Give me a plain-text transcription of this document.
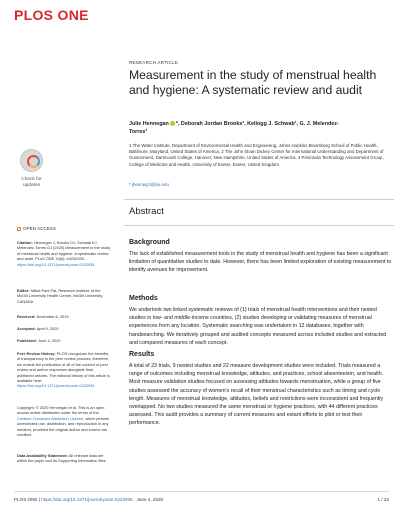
PLOS ONE
Check for updates
RESEARCH ARTICLE
Measurement in the study of menstrual health and hygiene: A systematic review and audit
Julie Hennegan *, Deborah Jordan Brooks², Kellogg J. Schwab¹, G. J. Melendez-
Torres³
1 The Water Institute, Department of Environmental Health and Engineering, Johns Hopkins Bloomberg School of Public Health, Baltimore, Maryland, United States of America, 2 The John Sloan Dickey Center for International Understanding and Department of Government, Dartmouth College, Hanover, New Hampshire, United States of America, 3 Peninsula Technology Assessment Group, College of Medicine and Health, University of Exeter, Exeter, United Kingdom
* jhenneg1@jhu.edu
Abstract
OPEN ACCESS
Citation: Hennegan J, Brooks DJ, Schwab KJ, Melendez-Torres GJ (2020) Measurement in the study of menstrual health and hygiene: A systematic review and audit. PLoS ONE 15(6): e0232935. https://doi.org/10.1371/journal.pone.0232935
Editor: Nitika Pant Pai, Research Institute of the McGill University Health Centre, McGill University, CANADA
Received: November 6, 2019
Accepted: April 9, 2020
Published: June 4, 2020
Peer Review History: PLOS recognizes the benefits of transparency in the peer review process; therefore, we enable the publication of all of the content of peer review and author responses alongside final, published articles. The editorial history of this article is available here: https://doi.org/10.1371/journal.pone.0232935
Copyright: © 2020 Hennegan et al. This is an open access article distributed under the terms of the Creative Commons Attribution License, which permits unrestricted use, distribution, and reproduction in any medium, provided the original author and source are credited.
Data Availability Statement: All relevant data are within the paper and its Supporting Information files.
Background
The lack of established measurement tools in the study of menstrual health and hygiene has been a significant limitation of quantitative studies to date. However, there has been limited exploration of existing measurement to identify avenues for improvement.
Methods
We undertook two linked systematic reviews of (1) trials of menstrual health interventions and their nested studies in low- and middle-income countries, (2) studies developing or validating measures of menstrual experiences from any location. Systematic searching was undertaken in 12 databases, together with handsearching. We iteratively grouped and audited concepts measured across included studies and extracted and compared measures of each concept.
Results
A total of 23 trials, 9 nested studies and 22 measure development studies were included. Trials measured a range of outcomes including menstrual knowledge, attitudes, and practices, school absenteeism, and health. Most measure validation studies focused on assessing attitudes towards menstruation, while a group of five studies assessed the accuracy of women's recall of their menstrual characteristics such as timing and cycle length. Measures of menstrual knowledge, attitudes, beliefs and restrictions were inconsistent and frequently overlapped. No two studies measured the same menstrual or hygiene practices, with 44 different practices assessed. This audit provides a summary of current measures and extant efforts to pilot or test their performance.
PLOS ONE | https://doi.org/10.1371/journal.pone.0232935 June 4, 2020	1 / 32
